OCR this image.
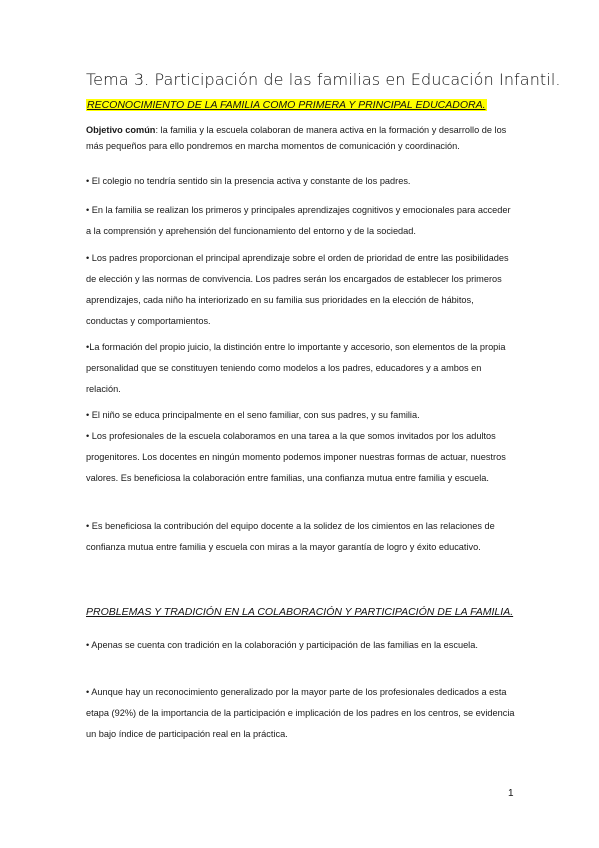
Tema 3. Participación de las familias en Educación Infantil.
RECONOCIMIENTO DE LA FAMILIA COMO PRIMERA Y PRINCIPAL EDUCADORA.
Objetivo común: la familia y la escuela colaboran de manera activa en la formación y desarrollo de los más pequeños para ello pondremos en marcha momentos de comunicación y coordinación.
• El colegio no tendría sentido sin la presencia activa y constante de los padres.
• En la familia se realizan los primeros y principales aprendizajes cognitivos y emocionales para acceder a la comprensión y aprehensión del funcionamiento del entorno y de la sociedad.
• Los padres proporcionan el principal aprendizaje sobre el orden de prioridad de entre las posibilidades de elección y las normas de convivencia. Los padres serán los encargados de establecer los primeros aprendizajes, cada niño ha interiorizado en su familia sus prioridades en la elección de hábitos, conductas y comportamientos.
•La formación del propio juicio, la distinción entre lo importante y accesorio, son elementos de la propia personalidad que se constituyen teniendo como modelos a los padres, educadores y a ambos en relación.
• El niño se educa principalmente en el seno familiar, con sus padres, y su familia.
• Los profesionales de la escuela colaboramos en una tarea a la que somos invitados por los adultos progenitores. Los docentes en ningún momento podemos imponer nuestras formas de actuar, nuestros valores. Es beneficiosa la colaboración entre familias, una confianza mutua entre familia y escuela.
• Es beneficiosa la contribución del equipo docente a la solidez de los cimientos en las relaciones de confianza mutua entre familia y escuela con miras a la mayor garantía de logro y éxito educativo.
PROBLEMAS Y TRADICIÓN EN LA COLABORACIÓN Y PARTICIPACIÓN DE LA FAMILIA.
• Apenas se cuenta con tradición en la colaboración y participación de las familias en la escuela.
• Aunque hay un reconocimiento generalizado por la mayor parte de los profesionales dedicados a esta etapa (92%) de la importancia de la participación e implicación de los padres en los centros, se evidencia un bajo índice de participación real en la práctica.
1
